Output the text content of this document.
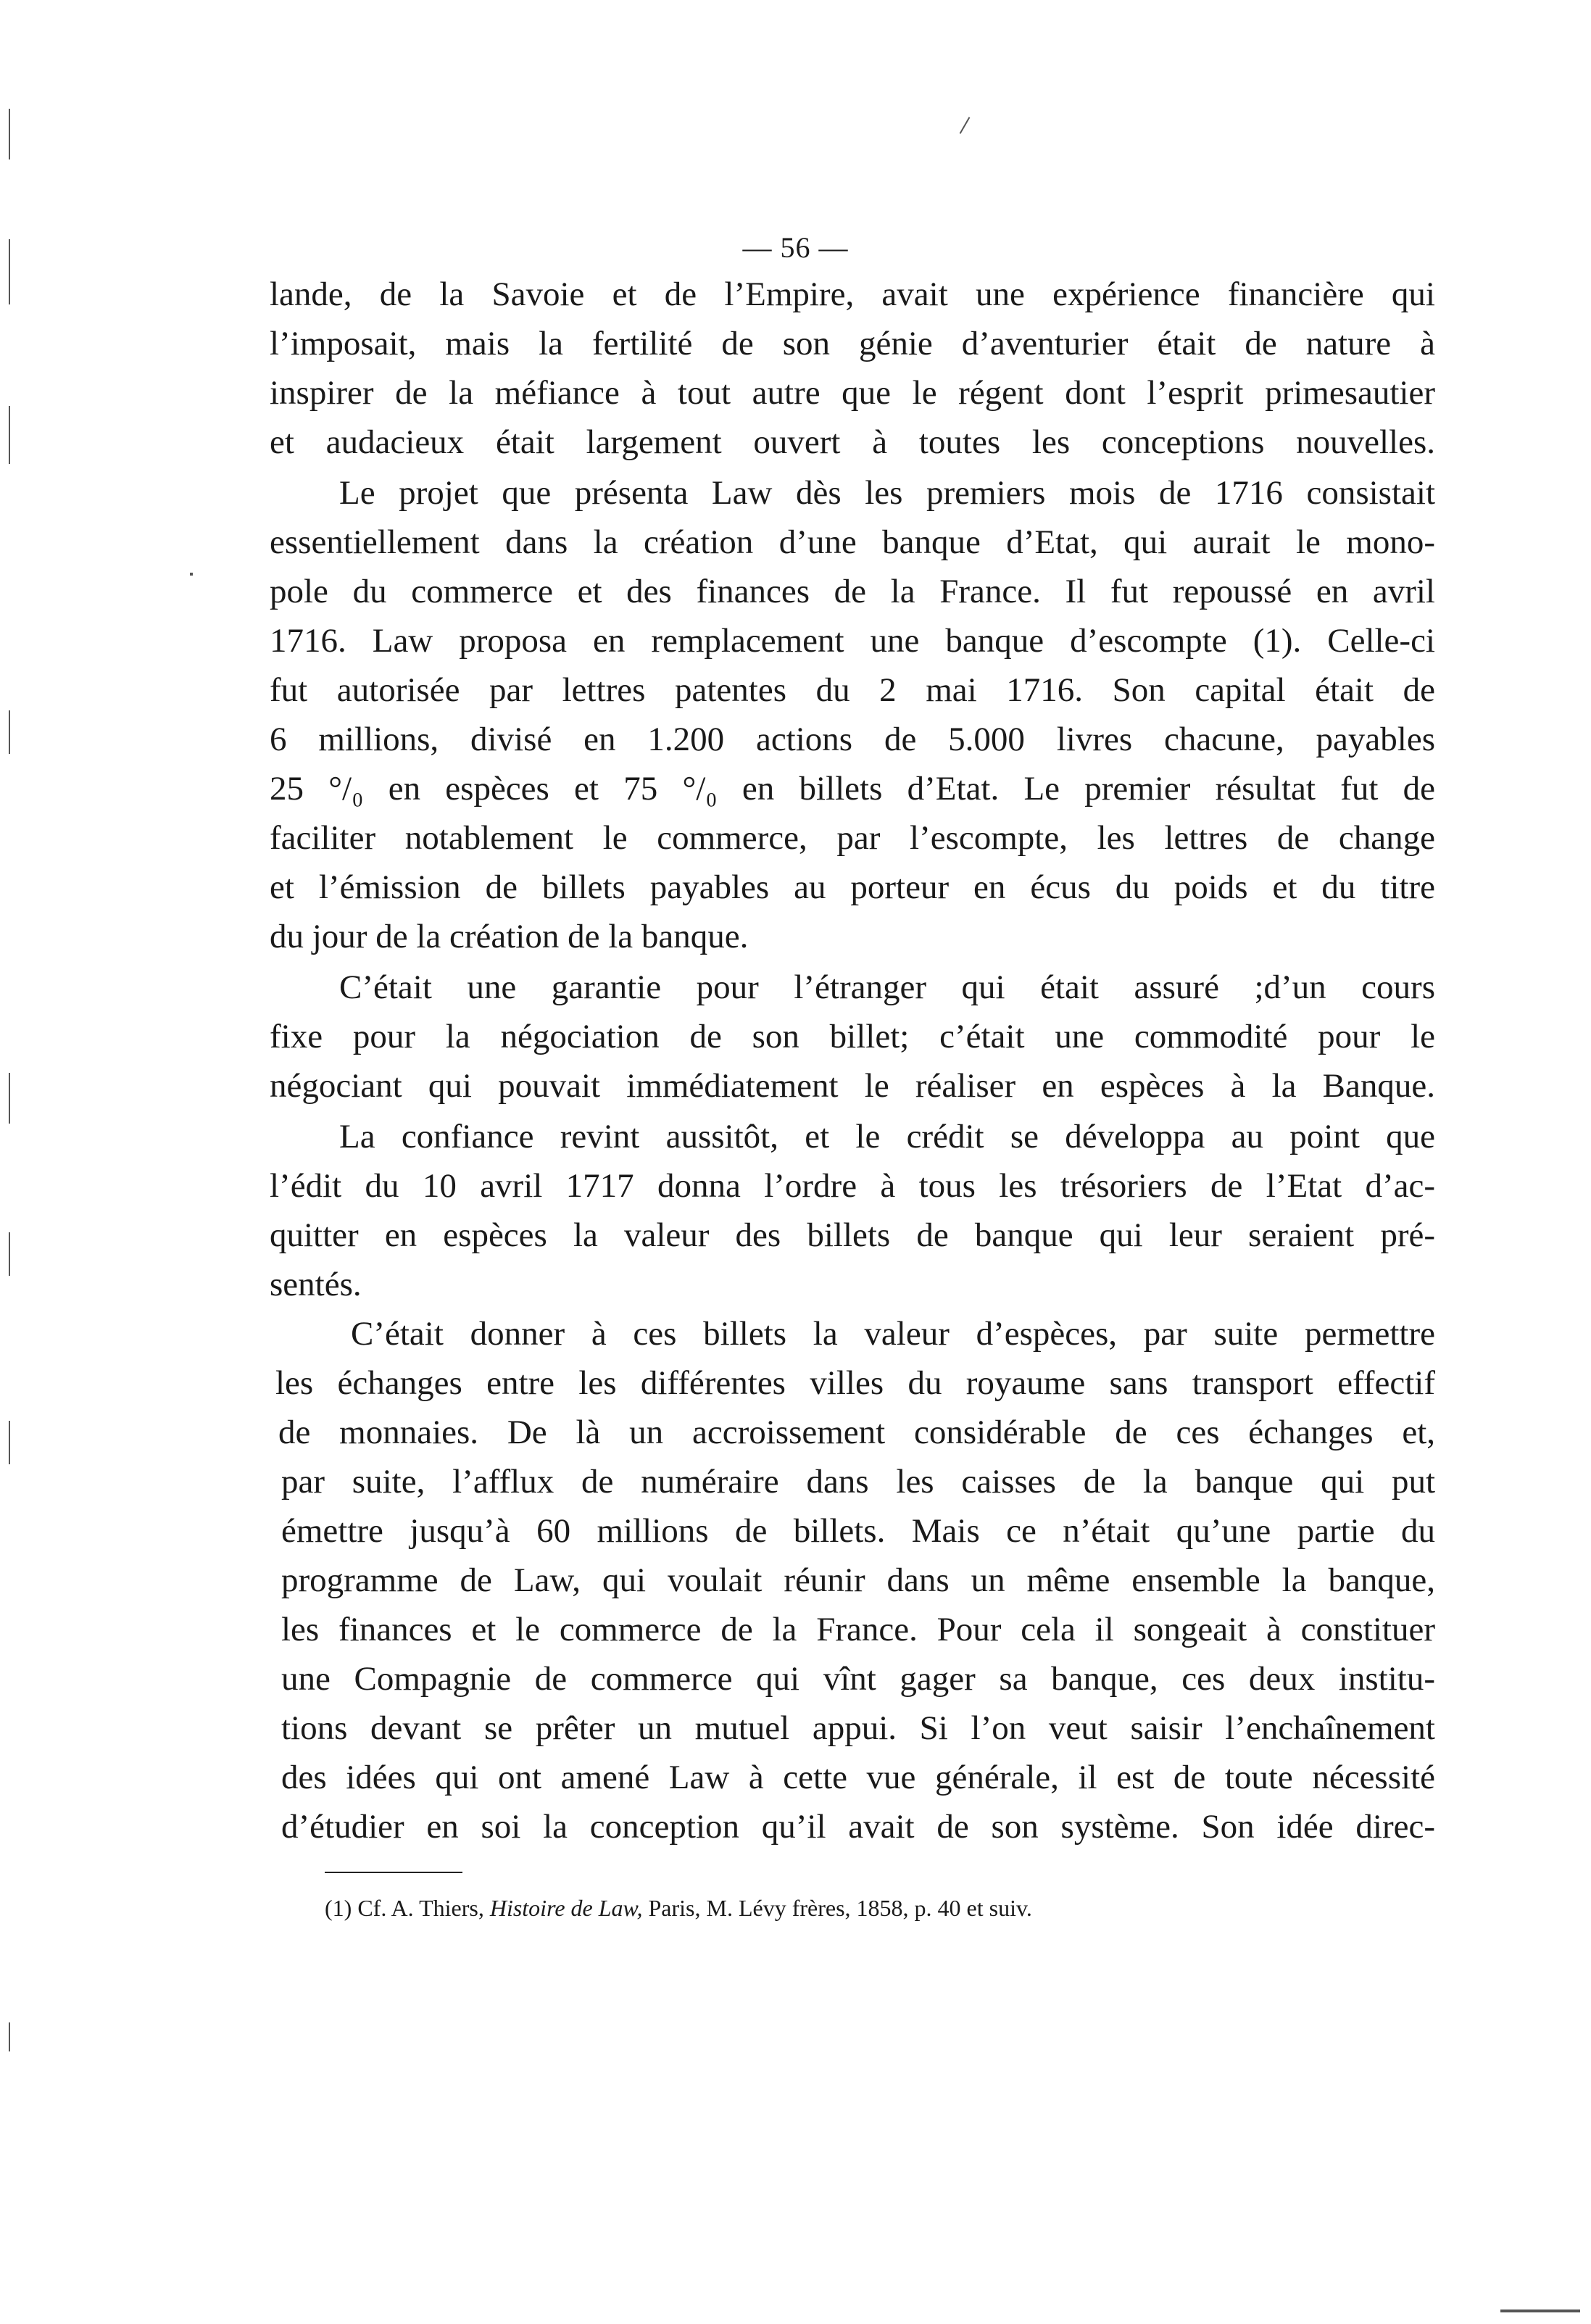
— 56 —
lande, de la Savoie et de l’Empire, avait une expérience financière qui
l’imposait, mais la fertilité de son génie d’aventurier était de nature à
inspirer de la méfiance à tout autre que le régent dont l’esprit primesautier
et audacieux était largement ouvert à toutes les conceptions nouvelles.
Le projet que présenta Law dès les premiers mois de 1716 consistait
essentiellement dans la création d’une banque d’Etat, qui aurait le mono-
pole du commerce et des finances de la France. Il fut repoussé en avril
1716. Law proposa en remplacement une banque d’escompte (1). Celle-ci
fut autorisée par lettres patentes du 2 mai 1716. Son capital était de
6 millions, divisé en 1.200 actions de 5.000 livres chacune, payables
25 °/₀ en espèces et 75 °/₀ en billets d’Etat. Le premier résultat fut de
faciliter notablement le commerce, par l’escompte, les lettres de change
et l’émission de billets payables au porteur en écus du poids et du titre
du jour de la création de la banque.
C’était une garantie pour l’étranger qui était assuré ;d’un cours
fixe pour la négociation de son billet; c’était une commodité pour le
négociant qui pouvait immédiatement le réaliser en espèces à la Banque.
La confiance revint aussitôt, et le crédit se développa au point que
l’édit du 10 avril 1717 donna l’ordre à tous les trésoriers de l’Etat d’ac-
quitter en espèces la valeur des billets de banque qui leur seraient pré-
sentés.
C’était donner à ces billets la valeur d’espèces, par suite permettre
les échanges entre les différentes villes du royaume sans transport effectif
de monnaies. De là un accroissement considérable de ces échanges et,
par suite, l’afflux de numéraire dans les caisses de la banque qui put
émettre jusqu’à 60 millions de billets. Mais ce n’était qu’une partie du
programme de Law, qui voulait réunir dans un même ensemble la banque,
les finances et le commerce de la France. Pour cela il songeait à constituer
une Compagnie de commerce qui vînt gager sa banque, ces deux institu-
tions devant se prêter un mutuel appui. Si l’on veut saisir l’enchaînement
des idées qui ont amené Law à cette vue générale, il est de toute nécessité
d’étudier en soi la conception qu’il avait de son système. Son idée direc-
(1) Cf. A. Thiers, Histoire de Law, Paris, M. Lévy frères, 1858, p. 40 et suiv.
